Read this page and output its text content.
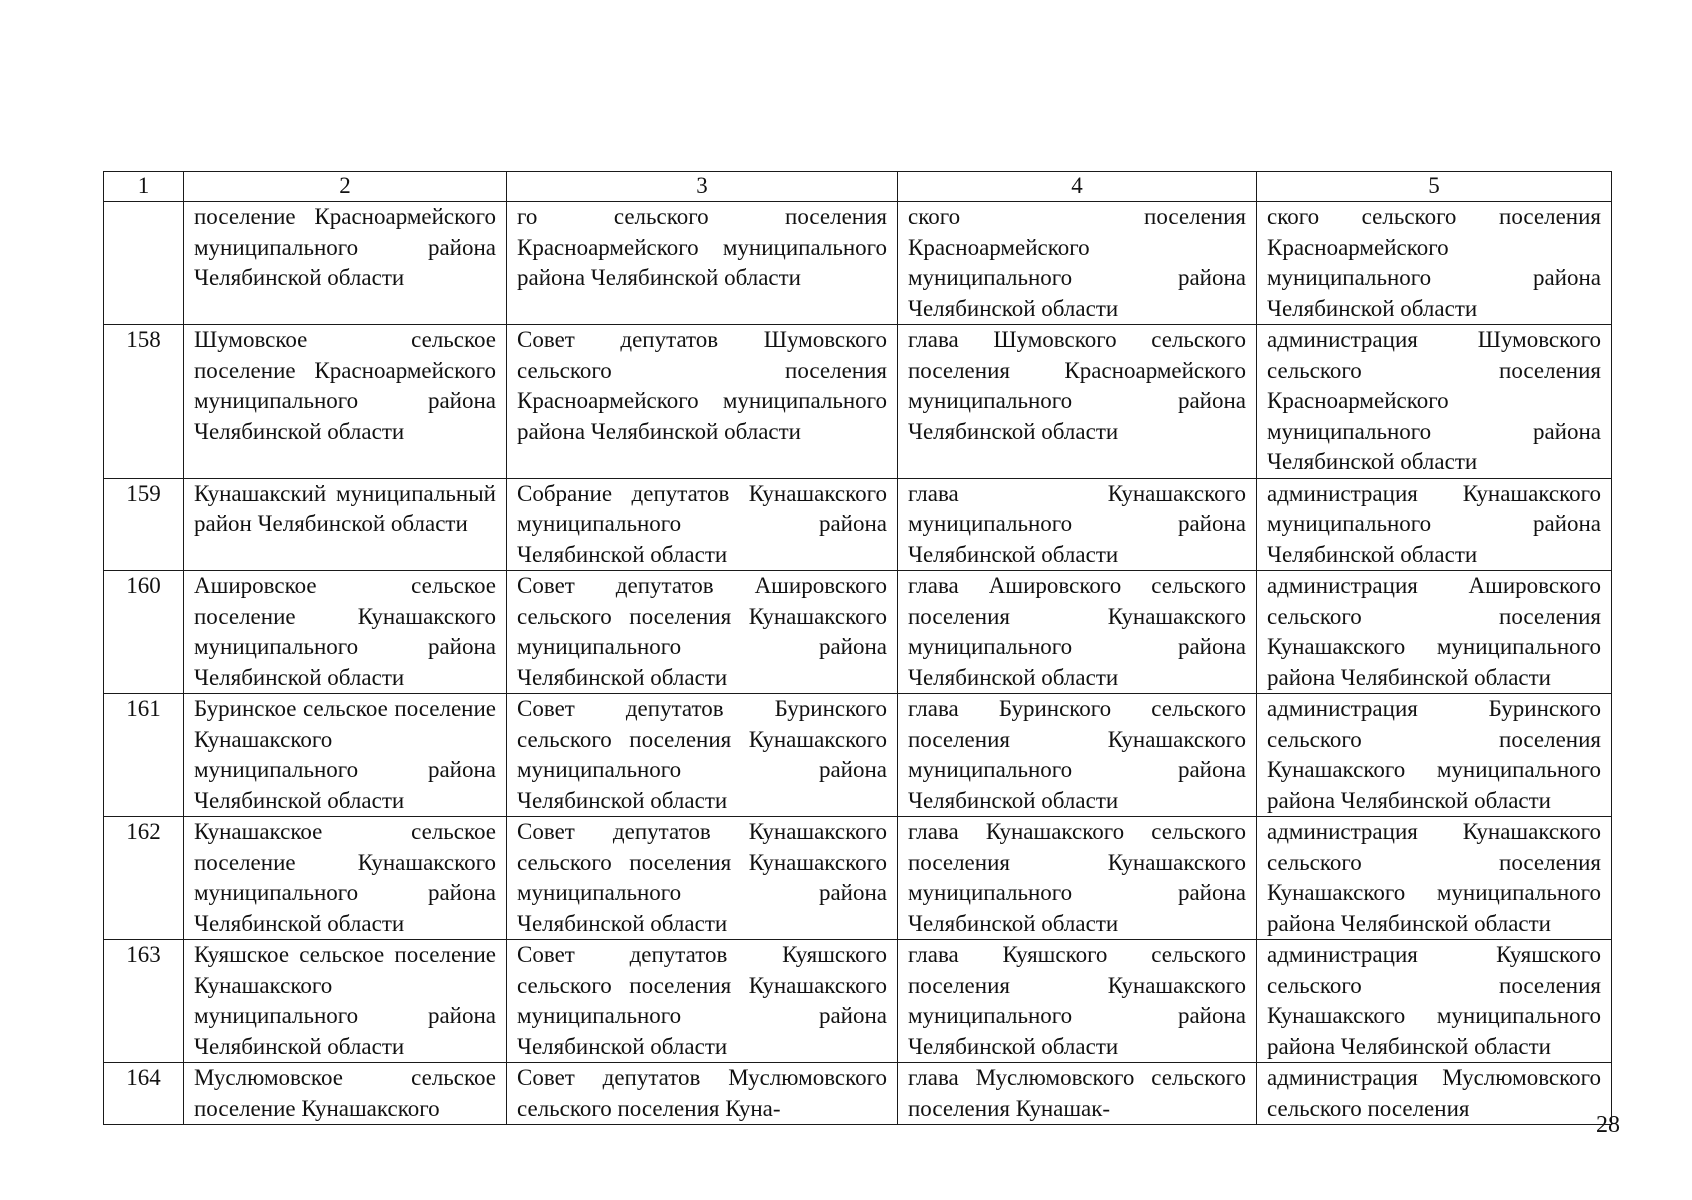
1	2	3	4	5
	поселение Красноармейского муниципального района Челябинской области	го сельского поселения Красноармейского муниципального района Челябинской области	ского поселения Красноармейского муниципального района Челябинской области	ского сельского поселения Красноармейского муниципального района Челябинской области
158	Шумовское сельское поселение Красноармейского муниципального района Челябинской области	Совет депутатов Шумовского сельского поселения Красноармейского муниципального района Челябинской области	глава Шумовского сельского поселения Красноармейского муниципального района Челябинской области	администрация Шумовского сельского поселения Красноармейского муниципального района Челябинской области
159	Кунашакский муниципальный район Челябинской области	Собрание депутатов Кунашакского муниципального района Челябинской области	глава Кунашакского муниципального района Челябинской области	администрация Кунашакского муниципального района Челябинской области
160	Ашировское сельское поселение Кунашакского муниципального района Челябинской области	Совет депутатов Ашировского сельского поселения Кунашакского муниципального района Челябинской области	глава Ашировского сельского поселения Кунашакского муниципального района Челябинской области	администрация Ашировского сельского поселения Кунашакского муниципального района Челябинской области
161	Буринское сельское поселение Кунашакского муниципального района Челябинской области	Совет депутатов Буринского сельского поселения Кунашакского муниципального района Челябинской области	глава Буринского сельского поселения Кунашакского муниципального района Челябинской области	администрация Буринского сельского поселения Кунашакского муниципального района Челябинской области
162	Кунашакское сельское поселение Кунашакского муниципального района Челябинской области	Совет депутатов Кунашакского сельского поселения Кунашакского муниципального района Челябинской области	глава Кунашакского сельского поселения Кунашакского муниципального района Челябинской области	администрация Кунашакского сельского поселения Кунашакского муниципального района Челябинской области
163	Куяшское сельское поселение Кунашакского муниципального района Челябинской области	Совет депутатов Куяшского сельского поселения Кунашакского муниципального района Челябинской области	глава Куяшского сельского поселения Кунашакского муниципального района Челябинской области	администрация Куяшского сельского поселения Кунашакского муниципального района Челябинской области
164	Муслюмовское сельское поселение Кунашакского	Совет депутатов Муслюмовского сельского поселения Куна-	глава Муслюмовского сельского поселения Кунашак-	администрация Муслюмовского сельского поселения
28
